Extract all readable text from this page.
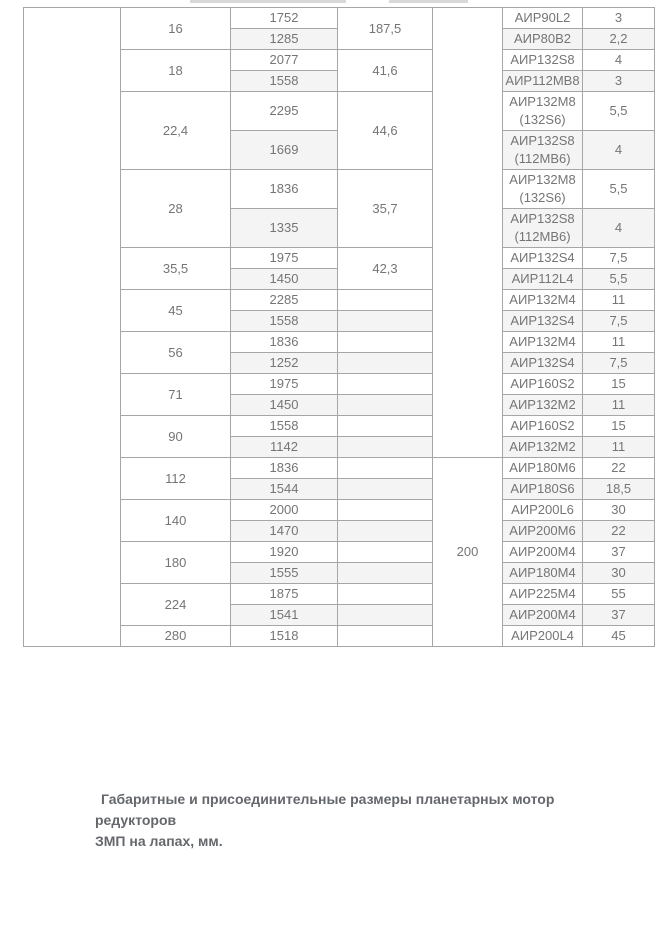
	16	1752	187,5		АИР90L2	3
		1285			АИР80В2	2,2
	18	2077	41,6		АИР132S8	4
		1558			АИР112МВ8	3
	22,4	2295	44,6		АИР132М8(132S6)	5,5
		1669			АИР132S8(112МВ6)	4
	28	1836	35,7		АИР132М8(132S6)	5,5
		1335			АИР132S8(112МВ6)	4
	35,5	1975	42,3		АИР132S4	7,5
		1450			АИР112L4	5,5
	45	2285			АИР132М4	11
		1558			АИР132S4	7,5
	56	1836			АИР132М4	11
		1252			АИР132S4	7,5
	71	1975			АИР160S2	15
		1450			АИР132М2	11
	90	1558			АИР160S2	15
		1142			АИР132М2	11
	112	1836		200	АИР180М6	22
		1544			АИР180S6	18,5
	140	2000			АИР200L6	30
		1470			АИР200М6	22
	180	1920			АИР200М4	37
		1555			АИР180М4	30
	224	1875			АИР225М4	55
		1541			АИР200М4	37
	280	1518			АИР200L4	45
Габаритные и присоединительные размеры планетарных мотор редукторов
ЗМП на лапах, мм.
